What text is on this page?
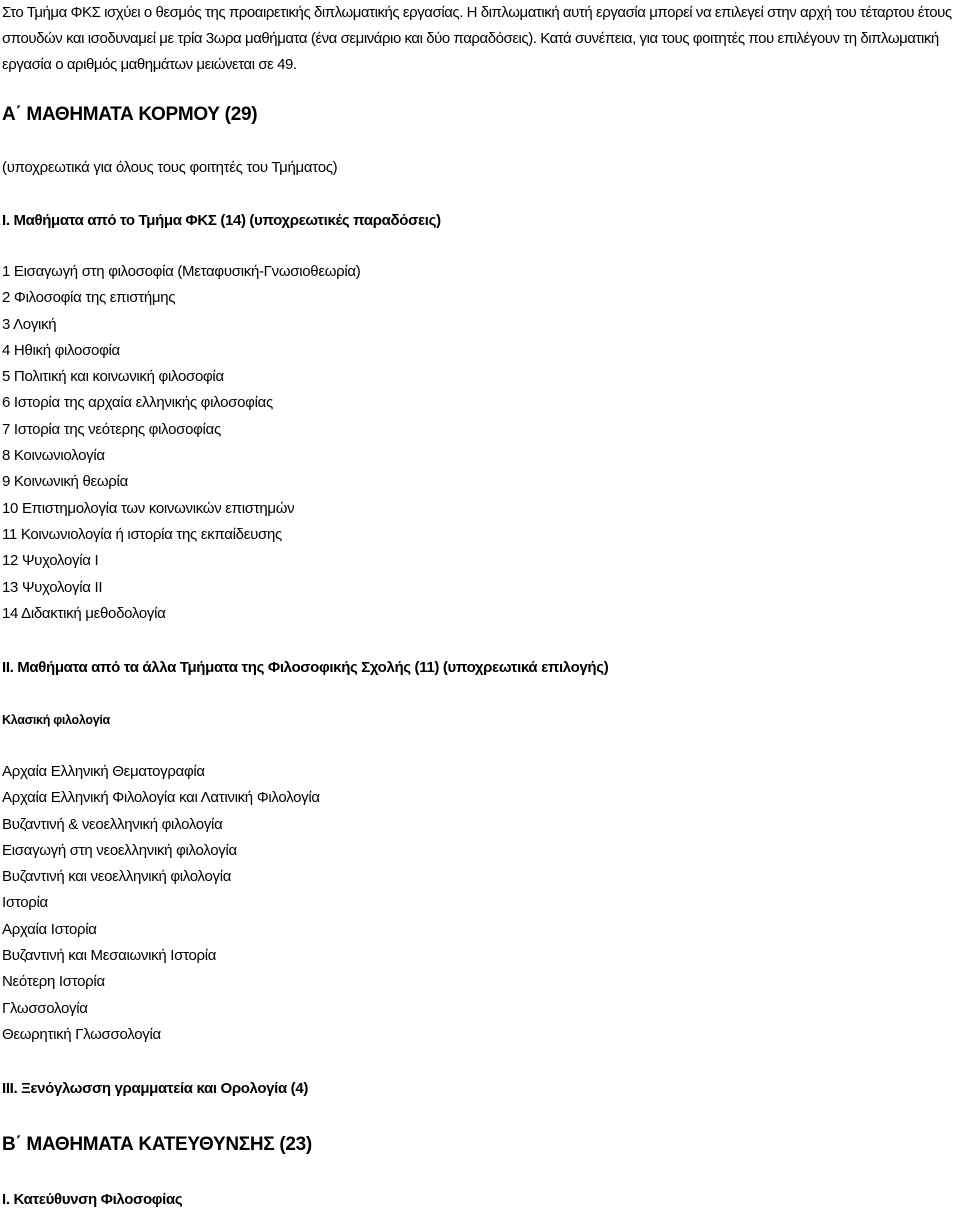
Στο Τμήμα ΦΚΣ ισχύει ο θεσμός της προαιρετικής διπλωματικής εργασίας. Η διπλωματική αυτή εργασία μπορεί να επιλεγεί στην αρχή του τέταρτου έτους σπουδών και ισοδυναμεί με τρία 3ωρα μαθήματα (ένα σεμινάριο και δύο παραδόσεις). Κατά συνέπεια, για τους φοιτητές που επιλέγουν τη διπλωματική εργασία ο αριθμός μαθημάτων μειώνεται σε 49.

Α΄ ΜΑΘΗΜΑΤΑ ΚΟΡΜΟΥ (29)
(υποχρεωτικά για όλους τους φοιτητές του Τμήματος)
Ι. Μαθήματα από το Τμήμα ΦΚΣ (14) (υποχρεωτικές παραδόσεις)
1 Εισαγωγή στη φιλοσοφία (Μεταφυσική-Γνωσιοθεωρία)
2 Φιλοσοφία της επιστήμης
3 Λογική
4 Ηθική φιλοσοφία
5 Πολιτική και κοινωνική φιλοσοφία
6 Ιστορία της αρχαία ελληνικής φιλοσοφίας
7 Ιστορία της νεότερης φιλοσοφίας
8 Κοινωνιολογία
9 Κοινωνική θεωρία
10 Επιστημολογία των κοινωνικών επιστημών
11 Κοινωνιολογία ή ιστορία της εκπαίδευσης
12 Ψυχολογία Ι
13 Ψυχολογία ΙΙ
14 Διδακτική μεθοδολογία
ΙΙ. Μαθήματα από τα άλλα Τμήματα της Φιλοσοφικής Σχολής (11) (υποχρεωτικά επιλογής)
Κλασική φιλολογία
Αρχαία Ελληνική Θεματογραφία
Αρχαία Ελληνική Φιλολογία και Λατινική Φιλολογία
Βυζαντινή & νεοελληνική φιλολογία
Εισαγωγή στη νεοελληνική φιλολογία
Βυζαντινή και νεοελληνική φιλολογία
Ιστορία
Αρχαία Ιστορία
Βυζαντινή και Μεσαιωνική Ιστορία
Νεότερη Ιστορία
Γλωσσολογία
Θεωρητική Γλωσσολογία
ΙΙΙ. Ξενόγλωσση γραμματεία και Ορολογία (4)
Β΄ ΜΑΘΗΜΑΤΑ ΚΑΤΕΥΘΥΝΣΗΣ (23)
Ι. Κατεύθυνση Φιλοσοφίας
